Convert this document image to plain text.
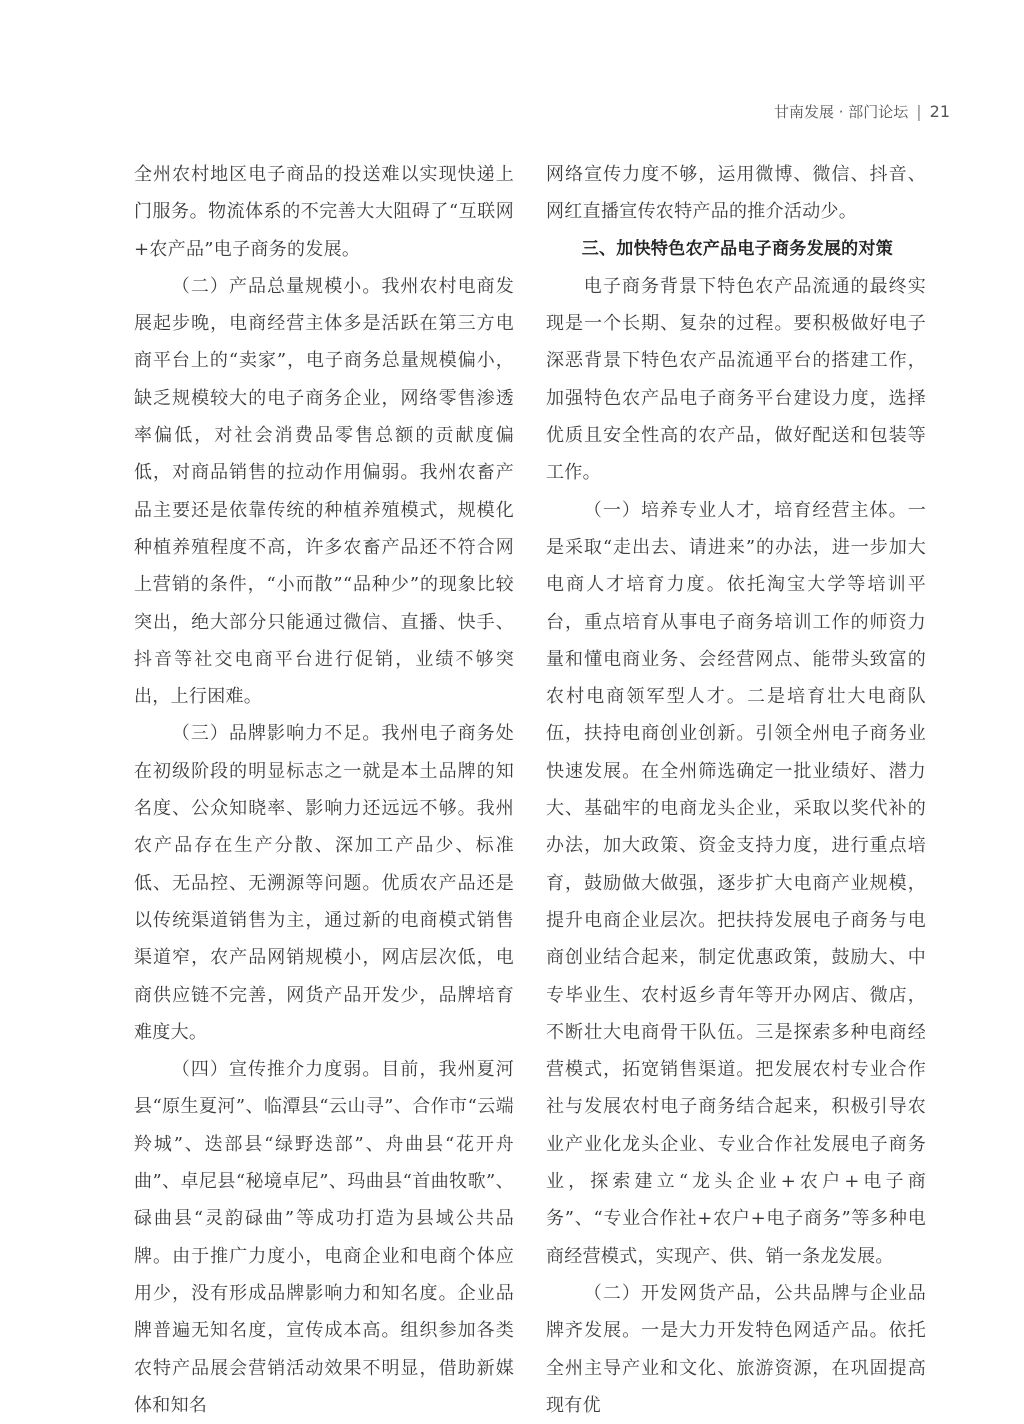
甘南发展 · 部门论坛 | 21

全州农村地区电子商品的投送难以实现快递上门服务。物流体系的不完善大大阻碍了“互联网+农产品”电子商务的发展。

（二）产品总量规模小。我州农村电商发展起步晚，电商经营主体多是活跃在第三方电商平台上的“卖家”，电子商务总量规模偏小，缺乏规模较大的电子商务企业，网络零售渗透率偏低，对社会消费品零售总额的贡献度偏低，对商品销售的拉动作用偏弱。我州农畜产品主要还是依靠传统的种植养殖模式，规模化种植养殖程度不高，许多农畜产品还不符合网上营销的条件，“小而散”“品种少”的现象比较突出，绝大部分只能通过微信、直播、快手、抖音等社交电商平台进行促销，业绩不够突出，上行困难。

（三）品牌影响力不足。我州电子商务处在初级阶段的明显标志之一就是本土品牌的知名度、公众知晓率、影响力还远远不够。我州农产品存在生产分散、深加工产品少、标准低、无品控、无溯源等问题。优质农产品还是以传统渠道销售为主，通过新的电商模式销售渠道窄，农产品网销规模小，网店层次低，电商供应链不完善，网货产品开发少，品牌培育难度大。

（四）宣传推介力度弱。目前，我州夏河县“原生夏河”、临潭县“云山寻”、合作市“云端羚城”、迭部县“绿野迭部”、舟曲县“花开舟曲”、卓尼县“秘境卓尼”、玛曲县“首曲牧歌”、碌曲县“灵韵碌曲”等成功打造为县域公共品牌。由于推广力度小，电商企业和电商个体应用少，没有形成品牌影响力和知名度。企业品牌普遍无知名度，宣传成本高。组织参加各类农特产品展会营销活动效果不明显，借助新媒体和知名

网络宣传力度不够，运用微博、微信、抖音、网红直播宣传农特产品的推介活动少。

三、加快特色农产品电子商务发展的对策

电子商务背景下特色农产品流通的最终实现是一个长期、复杂的过程。要积极做好电子深恶背景下特色农产品流通平台的搭建工作，加强特色农产品电子商务平台建设力度，选择优质且安全性高的农产品，做好配送和包装等工作。

（一）培养专业人才，培育经营主体。一是采取“走出去、请进来”的办法，进一步加大电商人才培育力度。依托淘宝大学等培训平台，重点培育从事电子商务培训工作的师资力量和懂电商业务、会经营网点、能带头致富的农村电商领军型人才。二是培育壮大电商队伍，扶持电商创业创新。引领全州电子商务业快速发展。在全州筛选确定一批业绩好、潜力大、基础牢的电商龙头企业，采取以奖代补的办法，加大政策、资金支持力度，进行重点培育，鼓励做大做强，逐步扩大电商产业规模，提升电商企业层次。把扶持发展电子商务与电商创业结合起来，制定优惠政策，鼓励大、中专毕业生、农村返乡青年等开办网店、微店，不断壮大电商骨干队伍。三是探索多种电商经营模式，拓宽销售渠道。把发展农村专业合作社与发展农村电子商务结合起来，积极引导农业产业化龙头企业、专业合作社发展电子商务业，探索建立“龙头企业+农户+电子商务”、“专业合作社+农户+电子商务”等多种电商经营模式，实现产、供、销一条龙发展。

（二）开发网货产品，公共品牌与企业品牌齐发展。一是大力开发特色网适产品。依托全州主导产业和文化、旅游资源，在巩固提高现有优
